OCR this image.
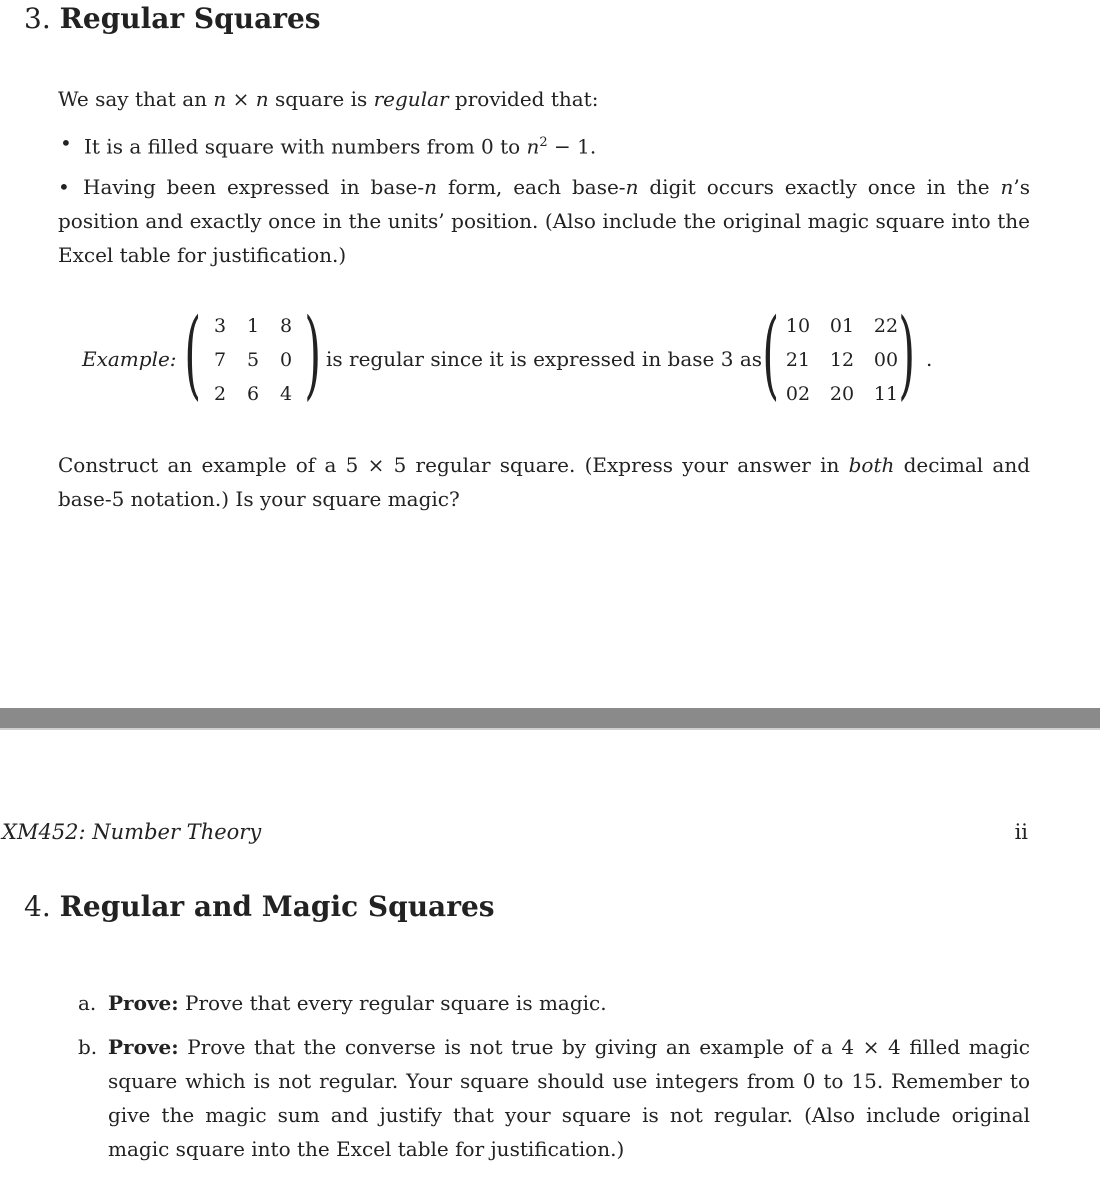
3. Regular Squares
We say that an n × n square is regular provided that:
• It is a filled square with numbers from 0 to $n^2 - 1$.
• Having been expressed in base-n form, each base-n digit occurs exactly once in the n’s position and exactly once in the units’ position. (Also include the original magic square into the Excel table for justification.)
Example: ( )
3	1	8
7	5	0
2	6	4
is regular since it is expressed in base 3 as ( )
10	01	22
21	12	00
02	20	11
.
Construct an example of a 5 × 5 regular square. (Express your answer in both decimal and base-5 notation.) Is your square magic?
XM452: Number Theory	ii
4. Regular and Magic Squares
a. Prove: Prove that every regular square is magic.
b. Prove: Prove that the converse is not true by giving an example of a 4 × 4 filled magic square which is not regular. Your square should use integers from 0 to 15. Remember to give the magic sum and justify that your square is not regular. (Also include original magic square into the Excel table for justification.)
